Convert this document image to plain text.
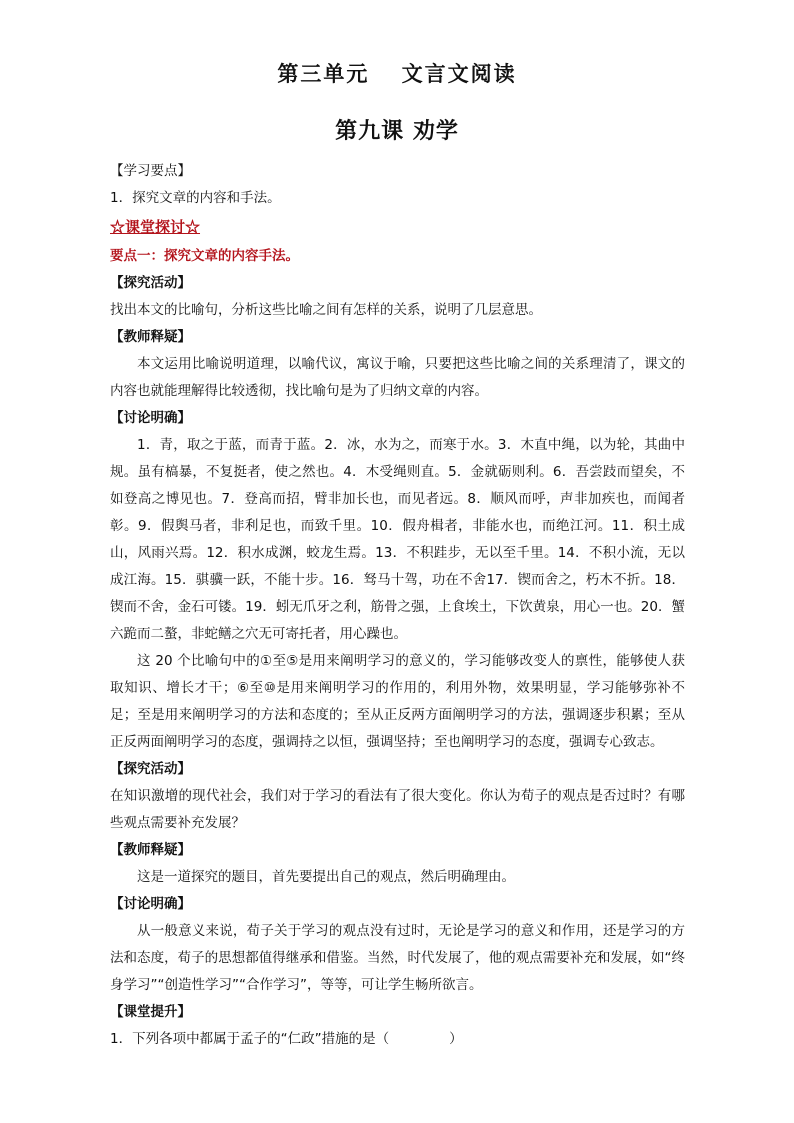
第三单元　 文言文阅读
第九课 劝学

【学习要点】

1．探究文章的内容和手法。

☆课堂探讨☆

要点一：探究文章的内容手法。

【探究活动】

找出本文的比喻句，分析这些比喻之间有怎样的关系，说明了几层意思。

【教师释疑】

本文运用比喻说明道理，以喻代议，寓议于喻，只要把这些比喻之间的关系理清了，课文的内容也就能理解得比较透彻，找比喻句是为了归纳文章的内容。

【讨论明确】

1．青，取之于蓝，而青于蓝。2．冰，水为之，而寒于水。3．木直中绳，以为轮，其曲中规。虽有槁暴，不复挺者，使之然也。4．木受绳则直。5．金就砺则利。6．吾尝跂而望矣，不如登高之博见也。7．登高而招，臂非加长也，而见者远。8．顺风而呼，声非加疾也，而闻者彰。9．假舆马者，非利足也，而致千里。10．假舟楫者，非能水也，而绝江河。11．积土成山，风雨兴焉。12．积水成渊，蛟龙生焉。13．不积跬步，无以至千里。14．不积小流，无以成江海。15．骐骥一跃，不能十步。16．驽马十驾，功在不舍17．锲而舍之，朽木不折。18．锲而不舍，金石可镂。19．蚓无爪牙之利，筋骨之强，上食埃土，下饮黄泉，用心一也。20．蟹六跪而二螯，非蛇鳝之穴无可寄托者，用心躁也。

这 20 个比喻句中的①至⑤是用来阐明学习的意义的，学习能够改变人的禀性，能够使人获取知识、增长才干；⑥至⑩是用来阐明学习的作用的，利用外物，效果明显，学习能够弥补不足；至是用来阐明学习的方法和态度的；至从正反两方面阐明学习的方法，强调逐步积累；至从正反两面阐明学习的态度，强调持之以恒，强调坚持；至也阐明学习的态度，强调专心致志。

【探究活动】

在知识激增的现代社会，我们对于学习的看法有了很大变化。你认为荀子的观点是否过时？有哪些观点需要补充发展？

【教师释疑】

这是一道探究的题目，首先要提出自己的观点，然后明确理由。

【讨论明确】

从一般意义来说，荀子关于学习的观点没有过时，无论是学习的意义和作用，还是学习的方法和态度，荀子的思想都值得继承和借鉴。当然，时代发展了，他的观点需要补充和发展，如“终身学习”“创造性学习”“合作学习”，等等，可让学生畅所欲言。

【课堂提升】

1．下列各项中都属于孟子的“仁政”措施的是（	）
